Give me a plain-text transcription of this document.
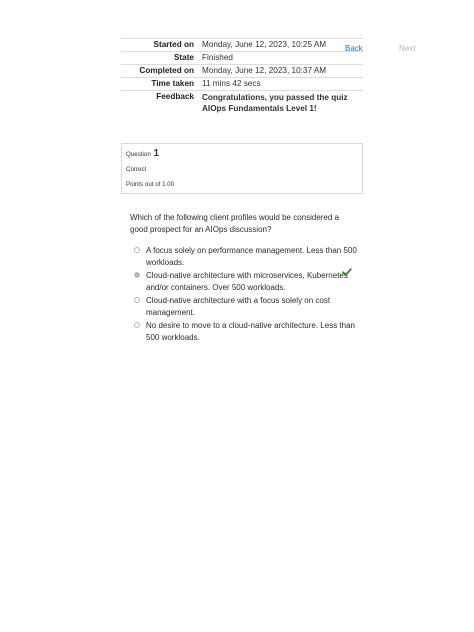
Started on	Monday, June 12, 2023, 10:25 AM
State	Finished
Completed on	Monday, June 12, 2023, 10:37 AM
Time taken	11 mins 42 secs
Feedback	Congratulations, you passed the quiz AIOps Fundamentals Level 1!
Back	Next
Question 1
Correct
Points out of 1.00
Which of the following client profiles would be considered a good prospect for an AIOps discussion?
A focus solely on performance management. Less than 500 workloads.
Cloud-native architecture with microservices, Kubernetes and/or containers. Over 500 workloads.
Cloud-native architecture with a focus solely on cost management.
No desire to move to a cloud-native architecture. Less than 500 workloads.
